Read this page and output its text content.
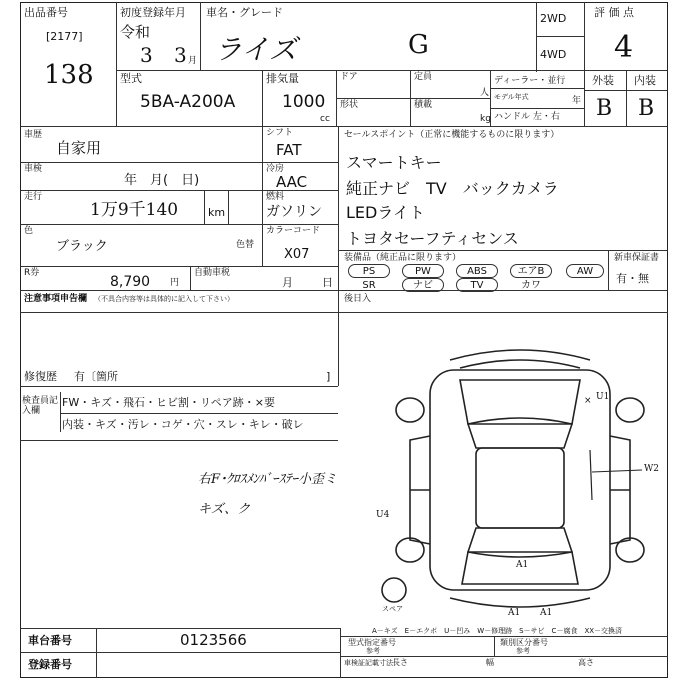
出品番号
[2177]
138
初度登録年月
令和
3 3 月
車名・グレード
ライズ	G
2WD
4WD
評 価 点
4
型式
5BA-A200A
排気量
1000
cc
ドア
形状
定員
人
積載
kg
ディーラー・並行
モデル年式	年
ハンドル 左・右
外装 内装
B B
車歴
自家用
車検
年　月(　日)
走行
1万9千140	km
色
ブラック	色替
シフト
FAT
冷房
AAC
燃料
ガソリン
カラーコード
X07
R券
8,790 円
自動車税
月	日
セールスポイント（正常に機能するものに限ります）
スマートキー
純正ナビ　TV　バックカメラ
LEDライト
トヨタセーフティセンス
装備品（純正品に限ります）	新車保証書
有・無
PS	PW	ABS	エアB	AW
SR	ナビ	TV	カワ
注意事項申告欄 （不具合内容等は具体的に記入して下さい）	後日入
修復歴 有〔箇所	]
検査員記入欄
FW・キズ・飛石・ヒビ割・リペア跡・×要
内装・キズ・汚レ・コゲ・穴・スレ・キレ・破レ
右F･ｸﾛｽﾒﾝﾊﾞｰｽﾃｰ小歪ミ
キズ、ク
W2
U4
A1
A1 A1
U1
×
スペア
A－キズ　E－エクボ　U－凹み　W－修理跡　S－サビ　C－腐食　XX－交換済
車台番号	0123566
登録番号
型式指定番号
参考
類別区分番号
参考
車検証記載寸法 長さ	幅	高さ
